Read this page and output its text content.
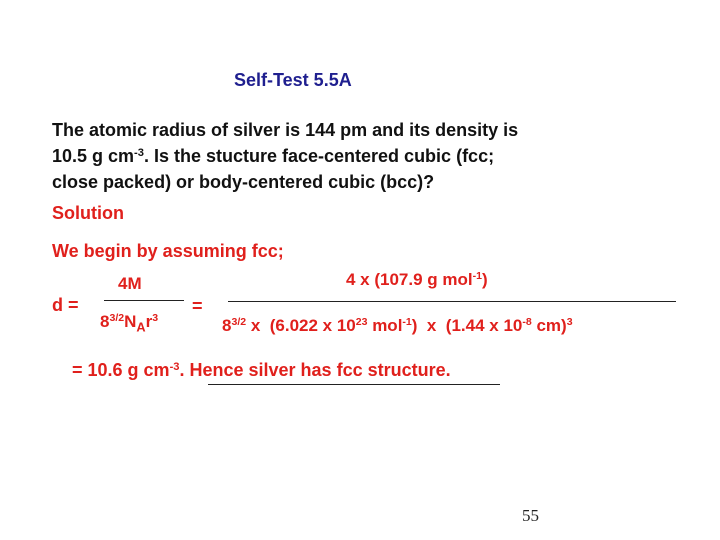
Self-Test 5.5A
The atomic radius of silver is 144 pm and its density is
10.5 g $cm^{-3}$. Is the stucture face-centered cubic (fcc;
close packed) or body-centered cubic (bcc)?
Solution
We begin by assuming fcc;
d =
4M
$8^{3/2}N_Ar^3$
=
4 x (107.9 g mol$^{-1}$)
$8^{3/2}$ x  (6.022 x $10^{23}$ mol$^{-1}$)  x  (1.44 x $10^{-8}$ cm)$^3$
= 10.6 g $cm^{-3}$. Hence silver has fcc structure.
55
